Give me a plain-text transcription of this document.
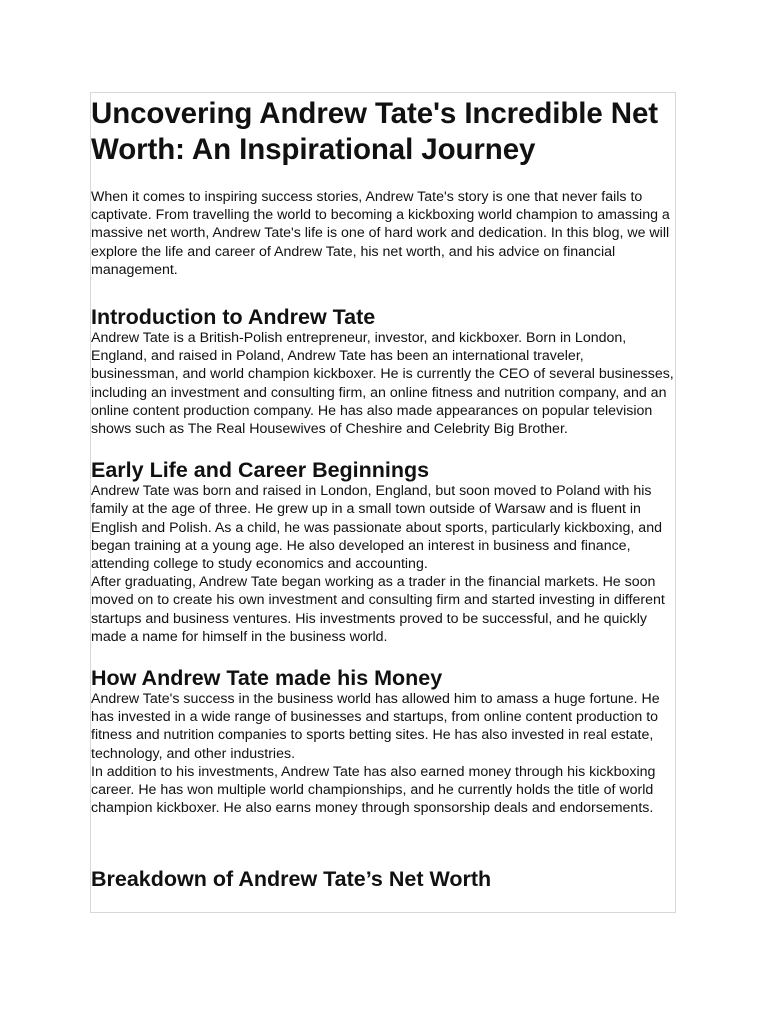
Uncovering Andrew Tate's Incredible Net Worth: An Inspirational Journey

When it comes to inspiring success stories, Andrew Tate's story is one that never fails to captivate. From travelling the world to becoming a kickboxing world champion to amassing a massive net worth, Andrew Tate's life is one of hard work and dedication. In this blog, we will explore the life and career of Andrew Tate, his net worth, and his advice on financial management.

Introduction to Andrew Tate

Andrew Tate is a British-Polish entrepreneur, investor, and kickboxer. Born in London, England, and raised in Poland, Andrew Tate has been an international traveler, businessman, and world champion kickboxer. He is currently the CEO of several businesses, including an investment and consulting firm, an online fitness and nutrition company, and an online content production company. He has also made appearances on popular television shows such as The Real Housewives of Cheshire and Celebrity Big Brother.

Early Life and Career Beginnings

Andrew Tate was born and raised in London, England, but soon moved to Poland with his family at the age of three. He grew up in a small town outside of Warsaw and is fluent in English and Polish. As a child, he was passionate about sports, particularly kickboxing, and began training at a young age. He also developed an interest in business and finance, attending college to study economics and accounting.

After graduating, Andrew Tate began working as a trader in the financial markets. He soon moved on to create his own investment and consulting firm and started investing in different startups and business ventures. His investments proved to be successful, and he quickly made a name for himself in the business world.

How Andrew Tate made his Money

Andrew Tate's success in the business world has allowed him to amass a huge fortune. He has invested in a wide range of businesses and startups, from online content production to fitness and nutrition companies to sports betting sites. He has also invested in real estate, technology, and other industries.

In addition to his investments, Andrew Tate has also earned money through his kickboxing career. He has won multiple world championships, and he currently holds the title of world champion kickboxer. He also earns money through sponsorship deals and endorsements.

Breakdown of Andrew Tate’s Net Worth
